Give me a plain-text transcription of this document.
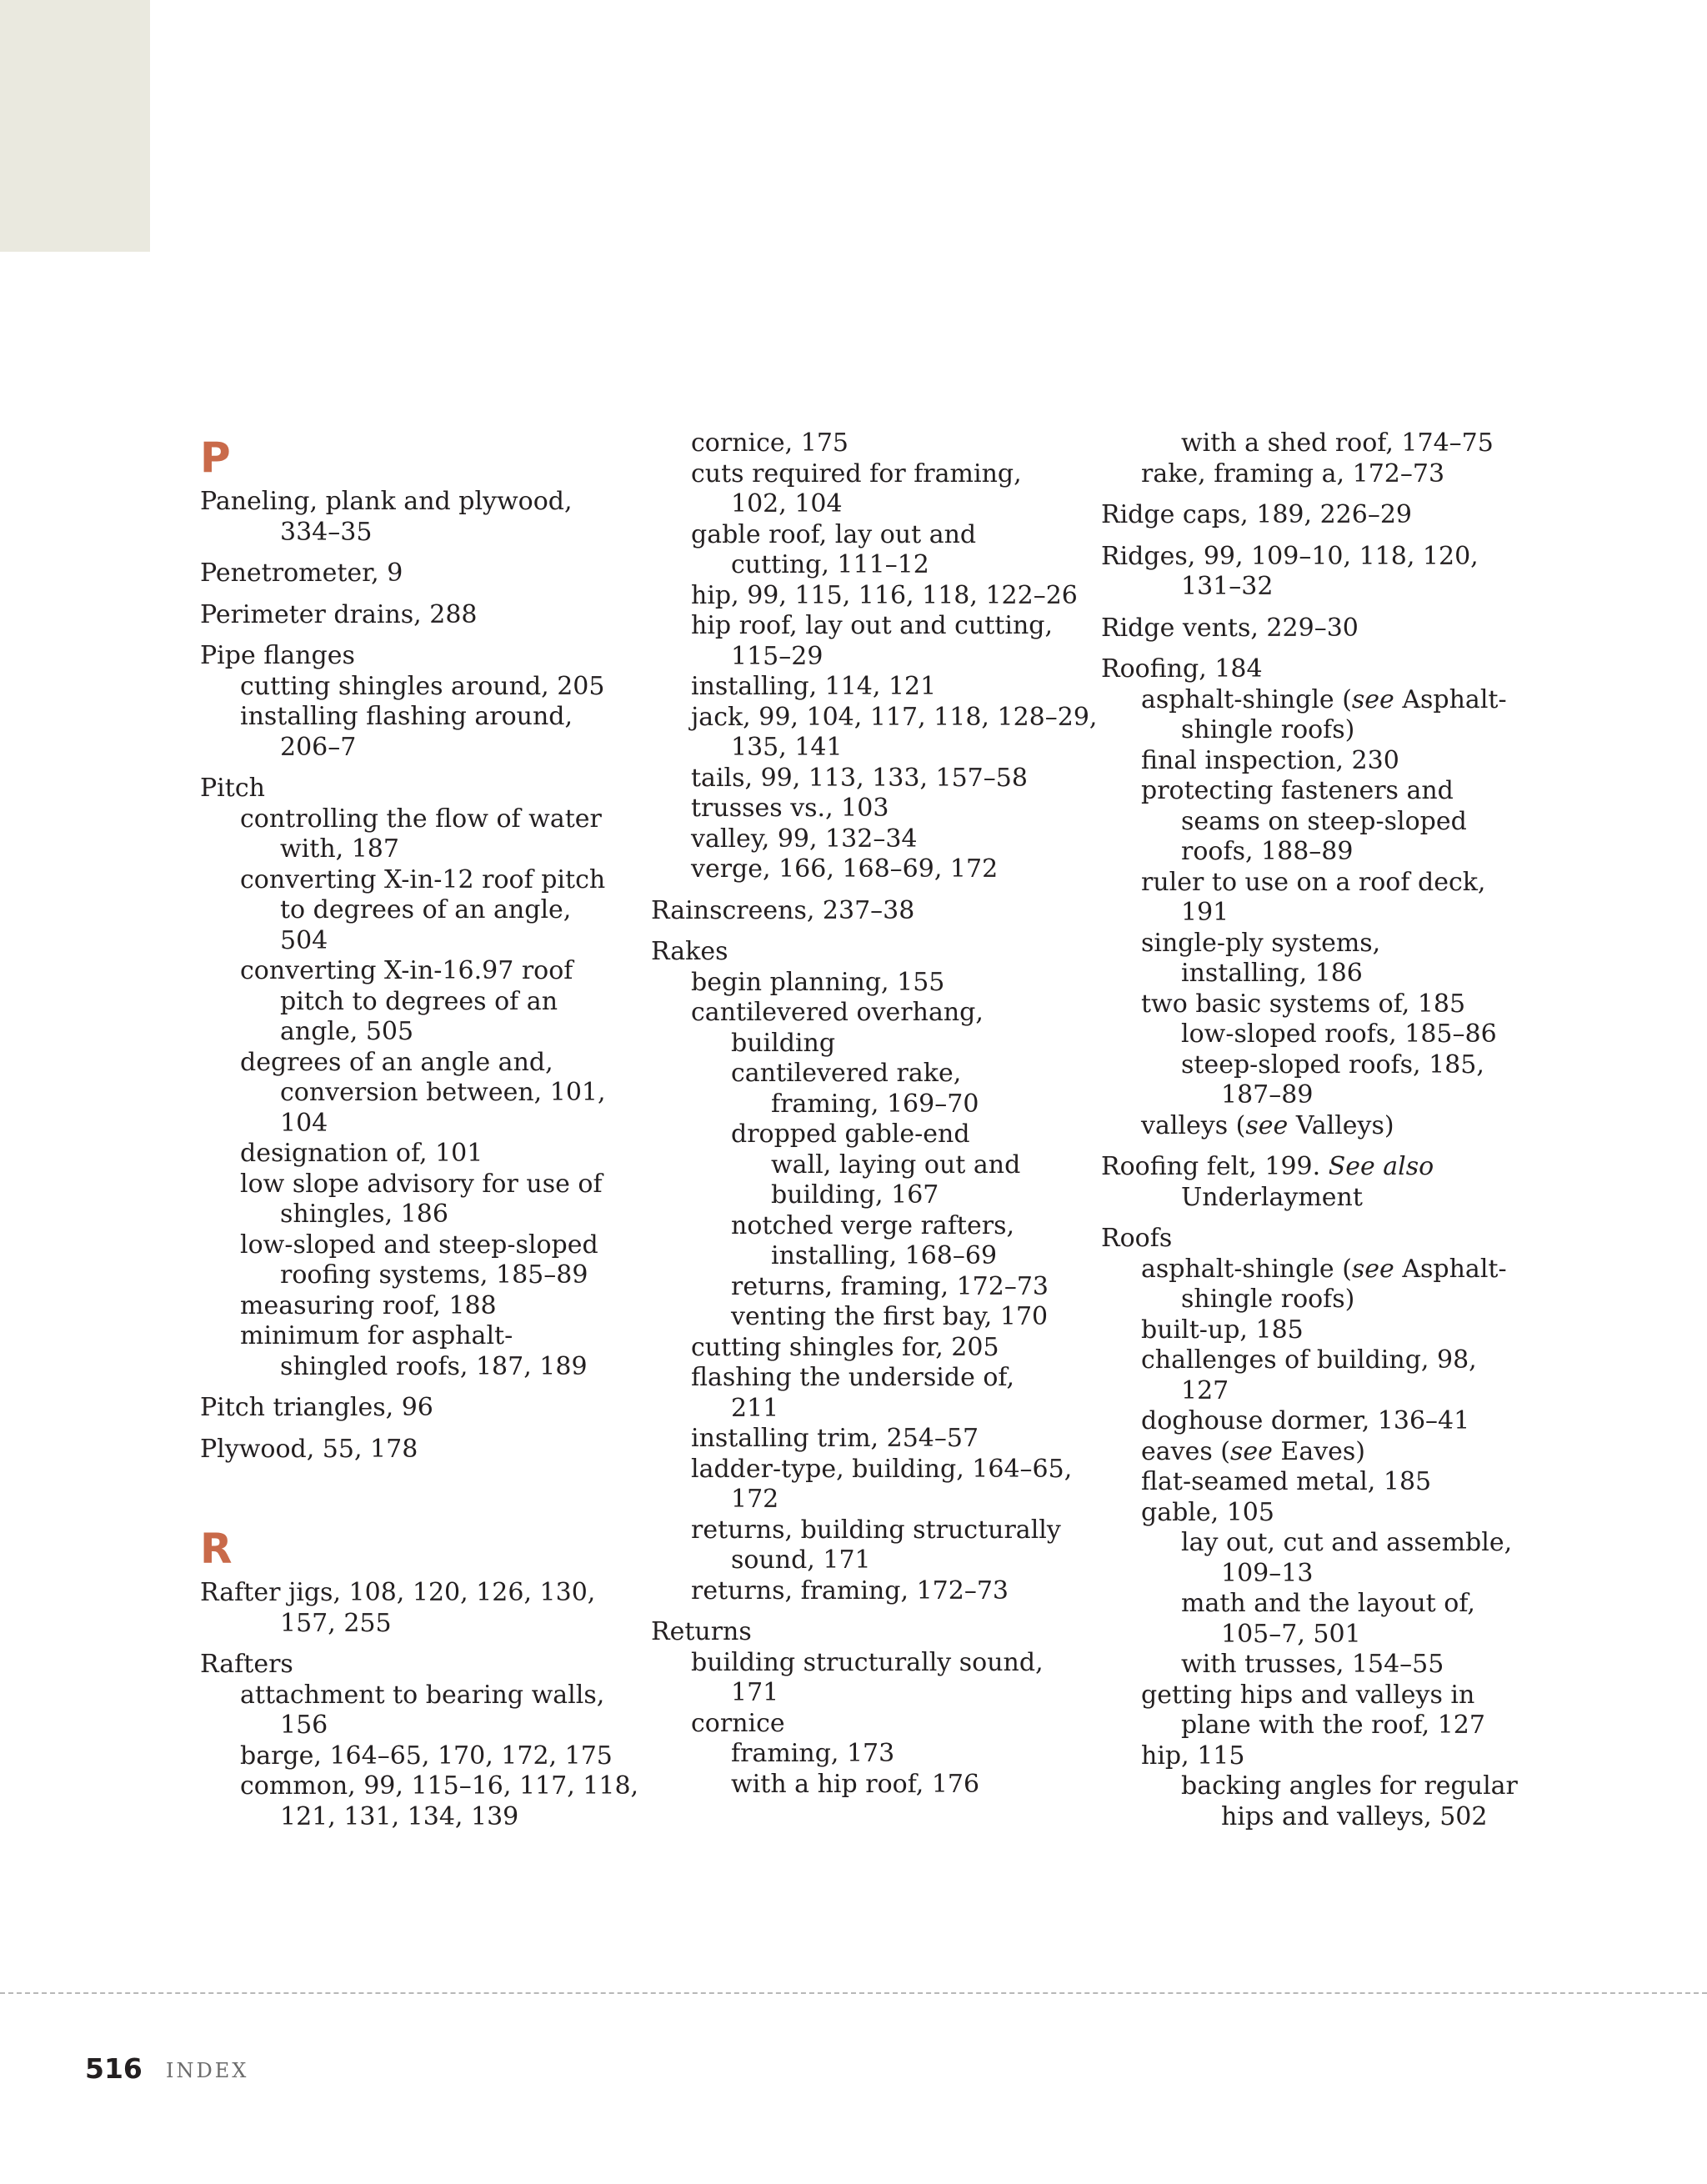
P
Paneling, plank and plywood,
334–35
Penetrometer, 9
Perimeter drains, 288
Pipe flanges
cutting shingles around, 205
installing flashing around,
206–7
Pitch
controlling the flow of water
with, 187
converting X-in-12 roof pitch
to degrees of an angle,
504
converting X-in-16.97 roof
pitch to degrees of an
angle, 505
degrees of an angle and,
conversion between, 101,
104
designation of, 101
low slope advisory for use of
shingles, 186
low-sloped and steep-sloped
roofing systems, 185–89
measuring roof, 188
minimum for asphalt-
shingled roofs, 187, 189
Pitch triangles, 96
Plywood, 55, 178
R
Rafter jigs, 108, 120, 126, 130,
157, 255
Rafters
attachment to bearing walls,
156
barge, 164–65, 170, 172, 175
common, 99, 115–16, 117, 118,
121, 131, 134, 139
cornice, 175
cuts required for framing,
102, 104
gable roof, lay out and
cutting, 111–12
hip, 99, 115, 116, 118, 122–26
hip roof, lay out and cutting,
115–29
installing, 114, 121
jack, 99, 104, 117, 118, 128–29,
135, 141
tails, 99, 113, 133, 157–58
trusses vs., 103
valley, 99, 132–34
verge, 166, 168–69, 172
Rainscreens, 237–38
Rakes
begin planning, 155
cantilevered overhang,
building
cantilevered rake,
framing, 169–70
dropped gable-end
wall, laying out and
building, 167
notched verge rafters,
installing, 168–69
returns, framing, 172–73
venting the first bay, 170
cutting shingles for, 205
flashing the underside of,
211
installing trim, 254–57
ladder-type, building, 164–65,
172
returns, building structurally
sound, 171
returns, framing, 172–73
Returns
building structurally sound,
171
cornice
framing, 173
with a hip roof, 176
with a shed roof, 174–75
rake, framing a, 172–73
Ridge caps, 189, 226–29
Ridges, 99, 109–10, 118, 120,
131–32
Ridge vents, 229–30
Roofing, 184
asphalt-shingle (see Asphalt-
shingle roofs)
final inspection, 230
protecting fasteners and
seams on steep-sloped
roofs, 188–89
ruler to use on a roof deck,
191
single-ply systems,
installing, 186
two basic systems of, 185
low-sloped roofs, 185–86
steep-sloped roofs, 185,
187–89
valleys (see Valleys)
Roofing felt, 199. See also
Underlayment
Roofs
asphalt-shingle (see Asphalt-
shingle roofs)
built-up, 185
challenges of building, 98,
127
doghouse dormer, 136–41
eaves (see Eaves)
flat-seamed metal, 185
gable, 105
lay out, cut and assemble,
109–13
math and the layout of,
105–7, 501
with trusses, 154–55
getting hips and valleys in
plane with the roof, 127
hip, 115
backing angles for regular
hips and valleys, 502
516 INDEX
